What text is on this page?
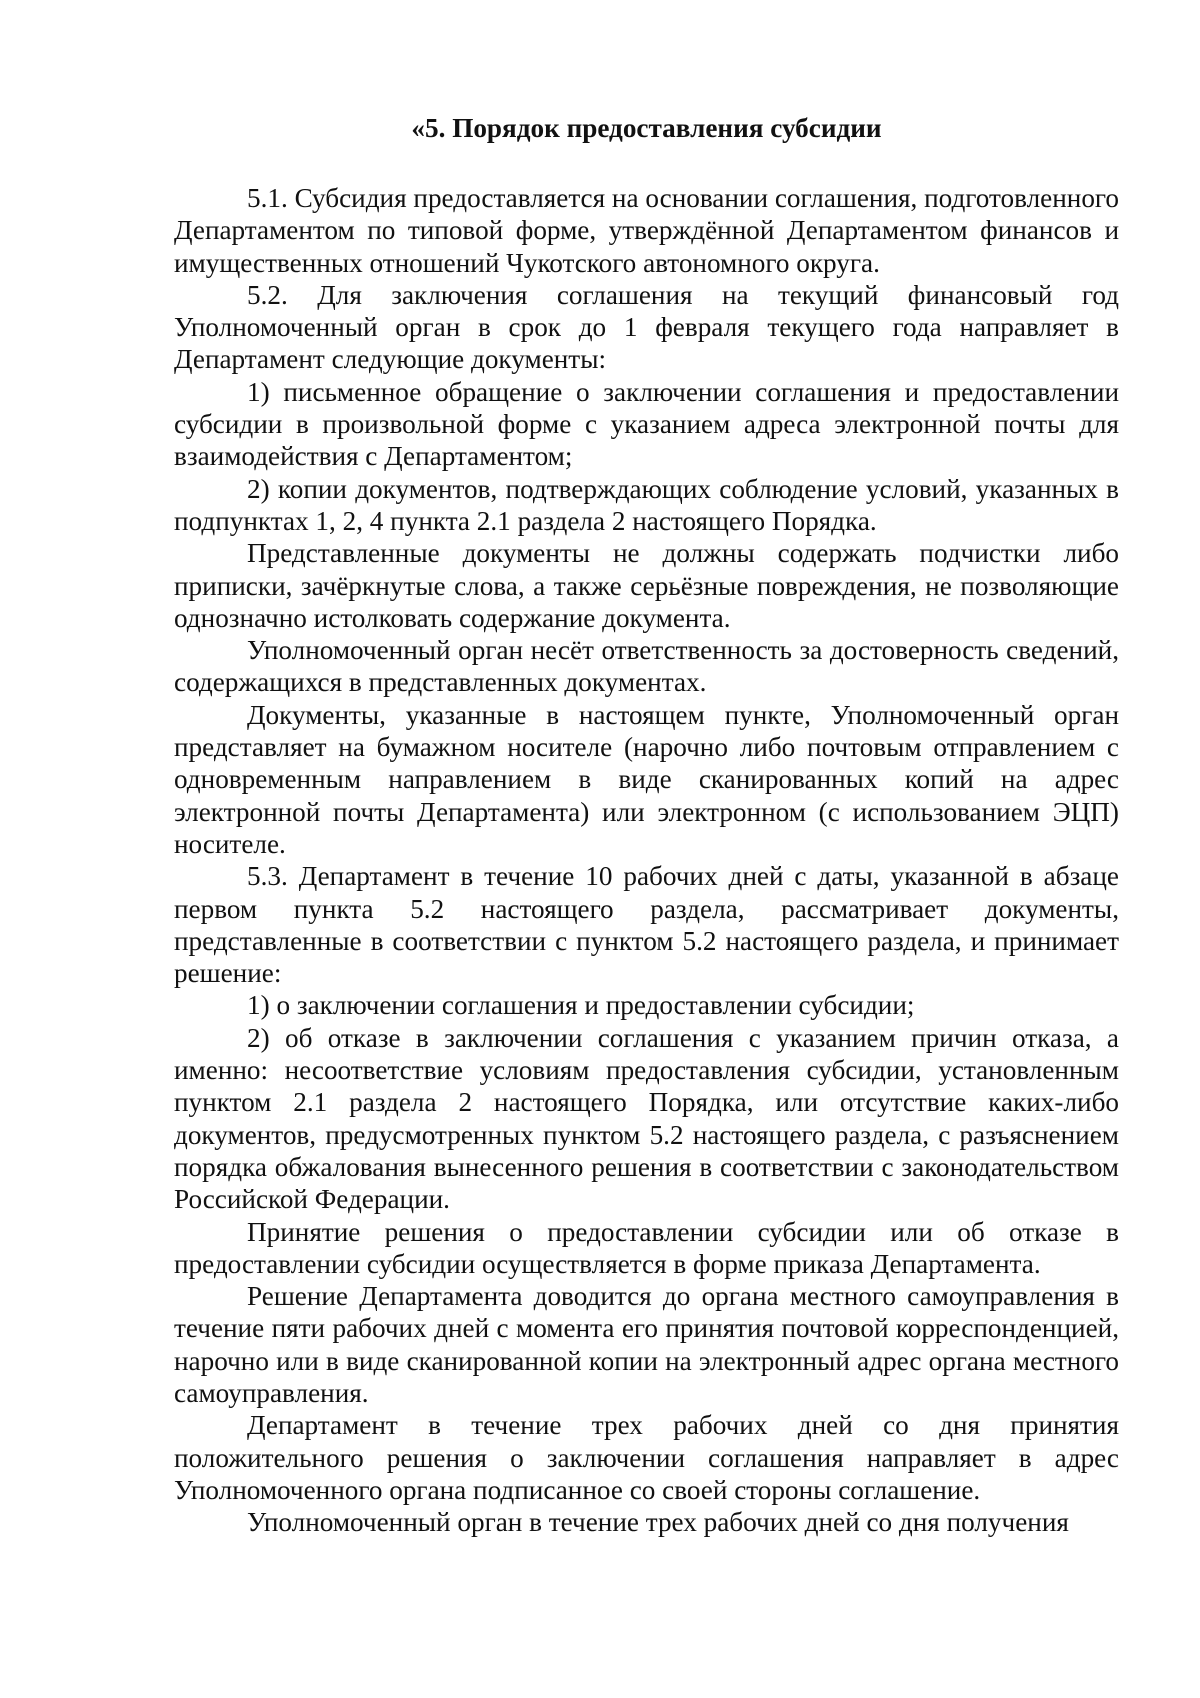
«5. Порядок предоставления субсидии

5.1. Субсидия предоставляется на основании соглашения, подготовленного Департаментом по типовой форме, утверждённой Департаментом финансов и имущественных отношений Чукотского автономного округа.

5.2. Для заключения соглашения на текущий финансовый год Уполномоченный орган в срок до 1 февраля текущего года направляет в Департамент следующие документы:

1) письменное обращение о заключении соглашения и предоставлении субсидии в произвольной форме с указанием адреса электронной почты для взаимодействия с Департаментом;

2) копии документов, подтверждающих соблюдение условий, указанных в подпунктах 1, 2, 4 пункта 2.1 раздела 2 настоящего Порядка.

Представленные документы не должны содержать подчистки либо приписки, зачёркнутые слова, а также серьёзные повреждения, не позволяющие однозначно истолковать содержание документа.

Уполномоченный орган несёт ответственность за достоверность сведений, содержащихся в представленных документах.

Документы, указанные в настоящем пункте, Уполномоченный орган представляет на бумажном носителе (нарочно либо почтовым отправлением с одновременным направлением в виде сканированных копий на адрес электронной почты Департамента) или электронном (с использованием ЭЦП) носителе.

5.3. Департамент в течение 10 рабочих дней с даты, указанной в абзаце первом пункта 5.2 настоящего раздела, рассматривает документы, представленные в соответствии с пунктом 5.2 настоящего раздела, и принимает решение:

1) о заключении соглашения и предоставлении субсидии;

2) об отказе в заключении соглашения с указанием причин отказа, а именно: несоответствие условиям предоставления субсидии, установленным пунктом 2.1 раздела 2 настоящего Порядка, или отсутствие каких-либо документов, предусмотренных пунктом 5.2 настоящего раздела, с разъяснением порядка обжалования вынесенного решения в соответствии с законодательством Российской Федерации.

Принятие решения о предоставлении субсидии или об отказе в предоставлении субсидии осуществляется в форме приказа Департамента.

Решение Департамента доводится до органа местного самоуправления в течение пяти рабочих дней с момента его принятия почтовой корреспонденцией, нарочно или в виде сканированной копии на электронный адрес органа местного самоуправления.

Департамент в течение трех рабочих дней со дня принятия положительного решения о заключении соглашения направляет в адрес Уполномоченного органа подписанное со своей стороны соглашение.

Уполномоченный орган в течение трех рабочих дней со дня получения
